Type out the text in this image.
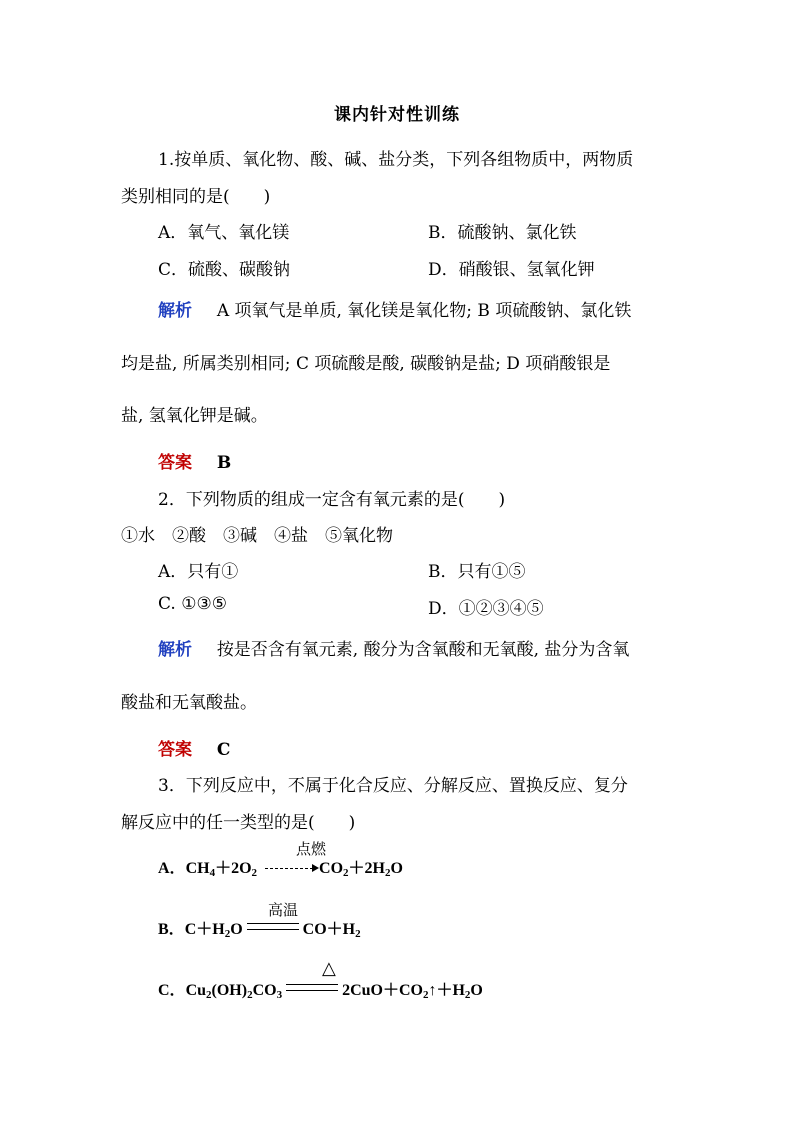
课内针对性训练
1.按单质、氧化物、酸、碱、盐分类，下列各组物质中，两物质
类别相同的是(　　)
A．氧气、氧化镁	B．硫酸钠、氯化铁
C．硫酸、碳酸钠	D．硝酸银、氢氧化钾
解析 A 项氧气是单质, 氧化镁是氧化物; B 项硫酸钠、氯化铁
均是盐, 所属类别相同; C 项硫酸是酸, 碳酸钠是盐; D 项硝酸银是
盐, 氢氧化钾是碱。
答案 B
2．下列物质的组成一定含有氧元素的是(　　)
①水　②酸　③碱　④盐　⑤氧化物
A．只有①	B．只有①⑤
C. ①③⑤	D．①②③④⑤
解析 按是否含有氧元素, 酸分为含氧酸和无氧酸, 盐分为含氧
酸盐和无氧酸盐。
答案 C
3．下列反应中，不属于化合反应、分解反应、置换反应、复分
解反应中的任一类型的是(　　)
A．$CH_4+2O_2 \to CO_2+2H_2O$
点燃
B．$C+H_2O$	$CO+H_2$
高温
C．$Cu_2(OH)_2CO_3$	$2CuO+CO_2↑+H_2O$
△
